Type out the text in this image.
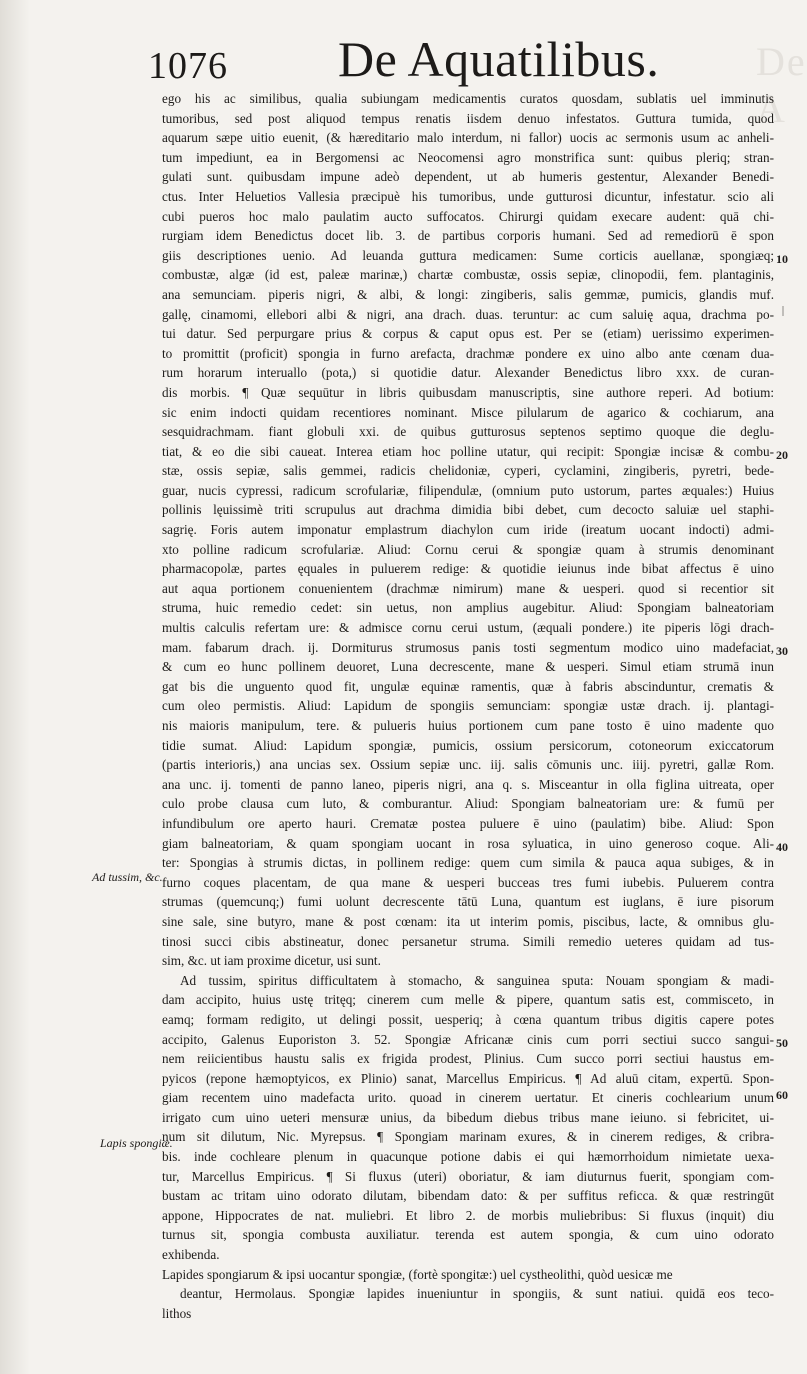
1076 De Aquatilibus. De A
Ad tussim, &c.
Lapis spongiæ.
10
20
30
40
50
60
ego his ac similibus, qualia subiungam medicamentis curatos quosdam, sublatis uel imminutis
tumoribus, sed post aliquod tempus renatis iisdem denuo infestatos. Guttura tumida, quod
aquarum sæpe uitio euenit, (& hæreditario malo interdum, ni fallor) uocis ac sermonis usum ac anheli-
tum impediunt, ea in Bergomensi ac Neocomensi agro monstrifica sunt: quibus pleriq; stran-
gulati sunt. quibusdam impune adeò dependent, ut ab humeris gestentur, Alexander Benedi-
ctus. Inter Heluetios Vallesia præcipuè his tumoribus, unde gutturosi dicuntur, infestatur. scio ali
cubi pueros hoc malo paulatim aucto suffocatos. Chirurgi quidam execare audent: quā chi-
rurgiam idem Benedictus docet lib. 3. de partibus corporis humani. Sed ad remediorū ē spon
giis descriptiones uenio. Ad leuanda guttura medicamen: Sume corticis auellanæ, spongiæq;
combustæ, algæ (id est, paleæ marinæ,) chartæ combustæ, ossis sepiæ, clinopodii, fem. plantaginis,
ana semunciam. piperis nigri, & albi, & longi: zingiberis, salis gemmæ, pumicis, glandis muf.
gallę, cinamomi, ellebori albi & nigri, ana drach. duas. teruntur: ac cum saluię aqua, drachma po-
tui datur. Sed perpurgare prius & corpus & caput opus est. Per se (etiam) uerissimo experimen-
to promittit (proficit) spongia in furno arefacta, drachmæ pondere ex uino albo ante cœnam dua-
rum horarum interuallo (pota,) si quotidie datur. Alexander Benedictus libro xxx. de curan-
dis morbis. ¶ Quæ sequūtur in libris quibusdam manuscriptis, sine authore reperi. Ad botium:
sic enim indocti quidam recentiores nominant. Misce pilularum de agarico & cochiarum, ana
sesquidrachmam. fiant globuli xxi. de quibus gutturosus septenos septimo quoque die deglu-
tiat, & eo die sibi caueat. Interea etiam hoc polline utatur, qui recipit: Spongiæ incisæ & combu-
stæ, ossis sepiæ, salis gemmei, radicis chelidoniæ, cyperi, cyclamini, zingiberis, pyretri, bede-
guar, nucis cypressi, radicum scrofulariæ, filipendulæ, (omnium puto ustorum, partes æquales:) Huius
pollinis lęuissimè triti scrupulus aut drachma dimidia bibi debet, cum decocto saluiæ uel staphi-
sagrię. Foris autem imponatur emplastrum diachylon cum iride (ireatum uocant indocti) admi-
xto polline radicum scrofulariæ. Aliud: Cornu cerui & spongiæ quam à strumis denominant
pharmacopolæ, partes ęquales in puluerem redige: & quotidie ieiunus inde bibat affectus ē uino
aut aqua portionem conuenientem (drachmæ nimirum) mane & uesperi. quod si recentior sit
struma, huic remedio cedet: sin uetus, non amplius augebitur. Aliud: Spongiam balneatoriam
multis calculis refertam ure: & admisce cornu cerui ustum, (æquali pondere.) ite piperis lōgi drach-
mam. fabarum drach. ij. Dormiturus strumosus panis tosti segmentum modico uino madefaciat,
& cum eo hunc pollinem deuoret, Luna decrescente, mane & uesperi. Simul etiam strumā inun
gat bis die unguento quod fit, ungulæ equinæ ramentis, quæ à fabris abscinduntur, crematis &
cum oleo permistis. Aliud: Lapidum de spongiis semunciam: spongiæ ustæ drach. ij. plantagi-
nis maioris manipulum, tere. & pulueris huius portionem cum pane tosto ē uino madente quo
tidie sumat. Aliud: Lapidum spongiæ, pumicis, ossium persicorum, cotoneorum exiccatorum
(partis interioris,) ana uncias sex. Ossium sepiæ unc. iij. salis cōmunis unc. iiij. pyretri, gallæ Rom.
ana unc. ij. tomenti de panno laneo, piperis nigri, ana q. s. Misceantur in olla figlina uitreata, oper
culo probe clausa cum luto, & comburantur. Aliud: Spongiam balneatoriam ure: & fumū per
infundibulum ore aperto hauri. Crematæ postea puluere ē uino (paulatim) bibe. Aliud: Spon
giam balneatoriam, & quam spongiam uocant in rosa syluatica, in uino generoso coque. Ali-
ter: Spongias à strumis dictas, in pollinem redige: quem cum simila & pauca aqua subiges, & in
furno coques placentam, de qua mane & uesperi bucceas tres fumi iubebis. Puluerem contra
strumas (quemcunq;) fumi uolunt decrescente tātū Luna, quantum est iuglans, ē iure pisorum
sine sale, sine butyro, mane & post cœnam: ita ut interim pomis, piscibus, lacte, & omnibus glu-
tinosi succi cibis abstineatur, donec persanetur struma. Simili remedio ueteres quidam ad tus-
sim, &c. ut iam proxime dicetur, usi sunt.
Ad tussim, spiritus difficultatem à stomacho, & sanguinea sputa: Nouam spongiam & madi-
dam accipito, huius ustę tritęq; cinerem cum melle & pipere, quantum satis est, commisceto, in
eamq; formam redigito, ut delingi possit, uesperiq; à cœna quantum tribus digitis capere potes
accipito, Galenus Euporiston 3. 52. Spongiæ Africanæ cinis cum porri sectiui succo sangui-
nem reiicientibus haustu salis ex frigida prodest, Plinius. Cum succo porri sectiui haustus em-
pyicos (repone hæmoptyicos, ex Plinio) sanat, Marcellus Empiricus. ¶ Ad aluū citam, expertū. Spon-
giam recentem uino madefacta urito. quoad in cinerem uertatur. Et cineris cochlearium unum
irrigato cum uino ueteri mensuræ unius, da bibedum diebus tribus mane ieiuno. si febricitet, ui-
num sit dilutum, Nic. Myrepsus. ¶ Spongiam marinam exures, & in cinerem rediges, & cribra-
bis. inde cochleare plenum in quacunque potione dabis ei qui hæmorrhoidum nimietate uexa-
tur, Marcellus Empiricus. ¶ Si fluxus (uteri) oboriatur, & iam diuturnus fuerit, spongiam com-
bustam ac tritam uino odorato dilutam, bibendam dato: & per suffitus reficca. & quæ restringūt
appone, Hippocrates de nat. muliebri. Et libro 2. de morbis muliebribus: Si fluxus (inquit) diu
turnus sit, spongia combusta auxiliatur. terenda est autem spongia, & cum uino odorato
exhibenda.
Lapides spongiarum & ipsi uocantur spongiæ, (fortè spongitæ:) uel cystheolithi, quòd uesicæ me
deantur, Hermolaus. Spongiæ lapides inueniuntur in spongiis, & sunt natiui. quidā eos teco-
lithos
